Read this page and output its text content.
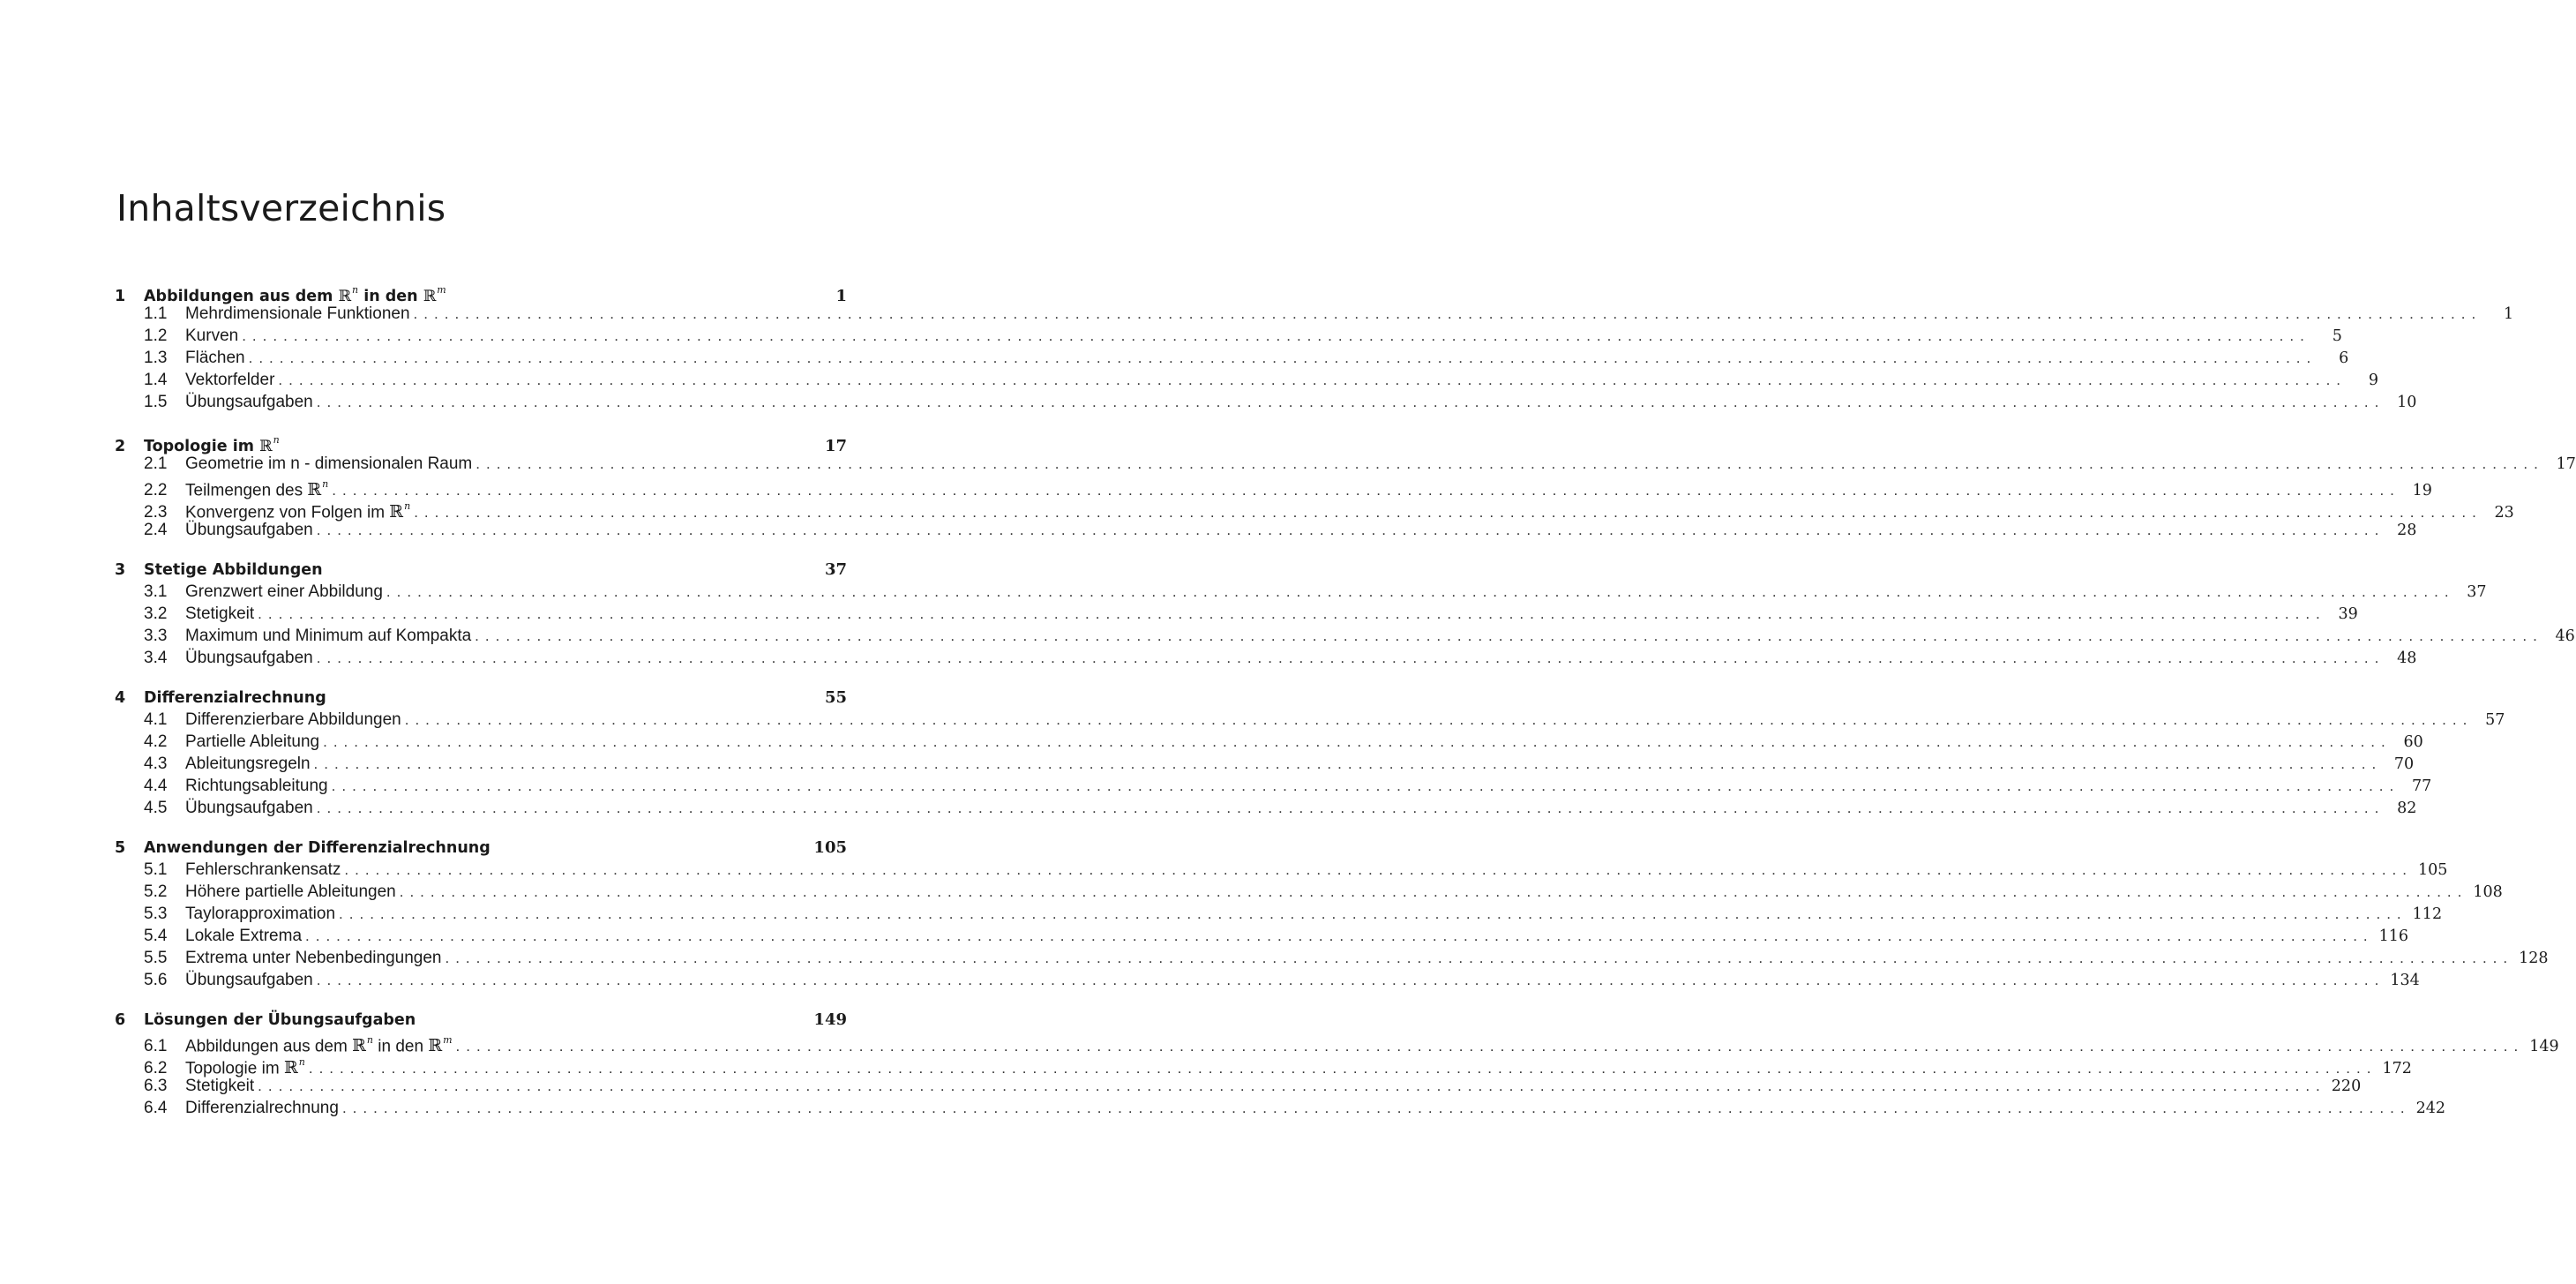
Inhaltsverzeichnis
1	Abbildungen aus dem ℝ$^n$ in den ℝ$^m$	1
1.1	Mehrdimensionale Funktionen ........................................................................................................................................................................................................	1
1.2	Kurven ........................................................................................................................................................................................................	5
1.3	Flächen ........................................................................................................................................................................................................	6
1.4	Vektorfelder ........................................................................................................................................................................................................	9
1.5	Übungsaufgaben ........................................................................................................................................................................................................ 10
2	Topologie im ℝ$^n$	17
2.1	Geometrie im n - dimensionalen Raum ........................................................................................................................................................................................................ 17
2.2	Teilmengen des ℝ$^n$ ........................................................................................................................................................................................................ 19
2.3	Konvergenz von Folgen im ℝ$^n$ ........................................................................................................................................................................................................ 23
2.4	Übungsaufgaben ........................................................................................................................................................................................................ 28
3	Stetige Abbildungen	37
3.1	Grenzwert einer Abbildung ........................................................................................................................................................................................................ 37
3.2	Stetigkeit ........................................................................................................................................................................................................ 39
3.3	Maximum und Minimum auf Kompakta ........................................................................................................................................................................................................ 46
3.4	Übungsaufgaben ........................................................................................................................................................................................................ 48
4	Differenzialrechnung	55
4.1	Differenzierbare Abbildungen ........................................................................................................................................................................................................ 57
4.2	Partielle Ableitung ........................................................................................................................................................................................................ 60
4.3	Ableitungsregeln ........................................................................................................................................................................................................ 70
4.4	Richtungsableitung ........................................................................................................................................................................................................ 77
4.5	Übungsaufgaben ........................................................................................................................................................................................................ 82
5	Anwendungen der Differenzialrechnung	105
5.1	Fehlerschrankensatz ........................................................................................................................................................................................................ 105
5.2	Höhere partielle Ableitungen ........................................................................................................................................................................................................ 108
5.3	Taylorapproximation ........................................................................................................................................................................................................ 112
5.4	Lokale Extrema ........................................................................................................................................................................................................ 116
5.5	Extrema unter Nebenbedingungen ........................................................................................................................................................................................................ 128
5.6	Übungsaufgaben ........................................................................................................................................................................................................ 134
6	Lösungen der Übungsaufgaben	149
6.1	Abbildungen aus dem ℝ$^n$ in den ℝ$^m$ ........................................................................................................................................................................................................ 149
6.2	Topologie im ℝ$^n$ ........................................................................................................................................................................................................ 172
6.3	Stetigkeit ........................................................................................................................................................................................................ 220
6.4	Differenzialrechnung ........................................................................................................................................................................................................ 242
